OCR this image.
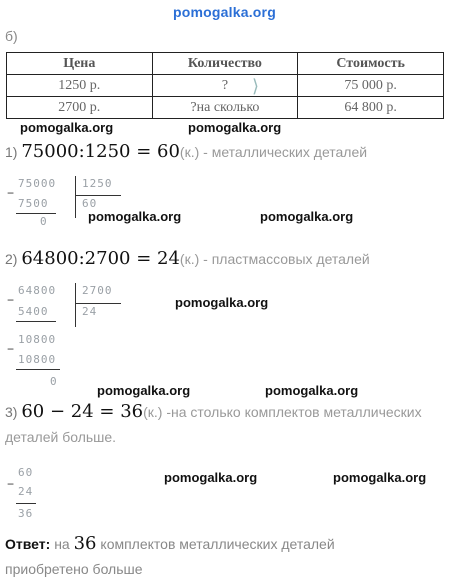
pomogalka.org
б)
Цена	Количество	Стоимость
1250 р.	?	75 000 р.
2700 р.	?на сколько	64 800 р.
⟩
pomogalka.org	pomogalka.org
1) 75000:1250 = 60(к.) - металлических деталей
−
75000 1250
7500	60
0	pomogalka.org	pomogalka.org
2) 64800:2700 = 24(к.) - пластмассовых деталей
−
64800 2700
5400	24
−
10800
10800
0
pomogalka.org
pomogalka.org	pomogalka.org
3) 60 − 24 = 36(к.) -на столько комплектов металлических
деталей больше.
−
60
24
36
pomogalka.org	pomogalka.org
Ответ: на 36 комплектов металлических деталей
приобретено больше
